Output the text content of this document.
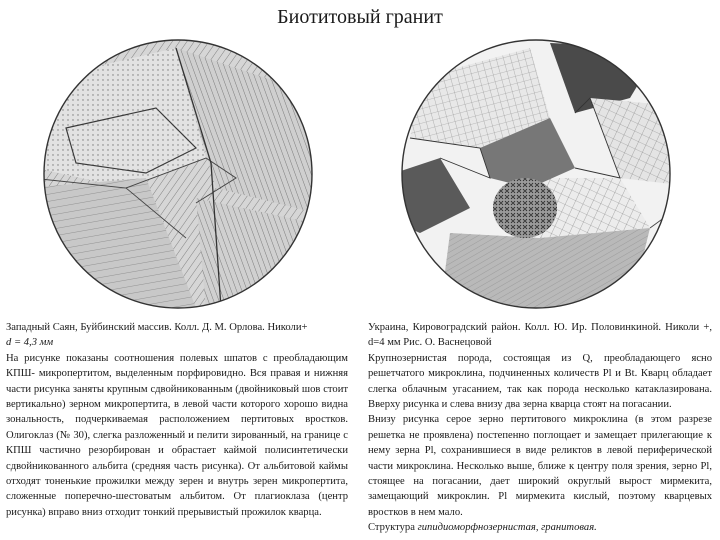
Биотитовый гранит

Западный Саян, Буйбинский массив. Колл. Д. М. Орлова. Николи+

d = 4,3 мм

На рисунке показаны соотношения полевых шпатов с преобладающим КПШ- микропертитом, выделенным порфировидно. Вся правая и нижняя части рисунка заняты крупным сдвойникованным (двойниковый шов стоит вертикально) зерном микропертита, в левой части которого хорошо видна зональность, подчеркиваемая расположением пертитовых вростков. Олигоклаз (№ 30), слегка разложенный и пелити зированный, на границе с КПШ частично резорбирован и обрастает каймой полисинтетически сдвойникованного альбита (средняя часть рисунка). От альбитовой каймы отходят тоненькие прожилки между зерен и внутрь зерен микропертита, сложенные поперечно-шестоватым альбитом. От плагиоклаза (центр рисунка) вправо вниз отходит тонкий прерывистый прожилок кварца.

Украина, Кировоградский район. Колл. Ю. Ир. Половинкиной. Николи +, d=4 мм Рис. О. Васнецовой

Крупнозернистая порода, состоящая из Q, преобладающего ясно решетчатого микроклина, подчиненных количеств Pl и Bt. Кварц обладает слегка облачным угасанием, так как порода несколько катаклазирована. Вверху рисунка и слева внизу два зерна кварца стоят на погасании.

Внизу рисунка серое зерно пертитового микроклина (в этом разрезе решетка не проявлена) постепенно поглощает и замещает прилегающие к нему зерна Pl, сохранившиеся в виде реликтов в левой периферической части микроклина. Несколько выше, ближе к центру поля зрения, зерно Pl, стоящее на погасании, дает широкий округлый вырост мирмекита, замещающий микроклин. Pl мирмекита кислый, поэтому кварцевых вростков в нем мало.

Структура гипидиоморфнозернистая, гранитовая.
